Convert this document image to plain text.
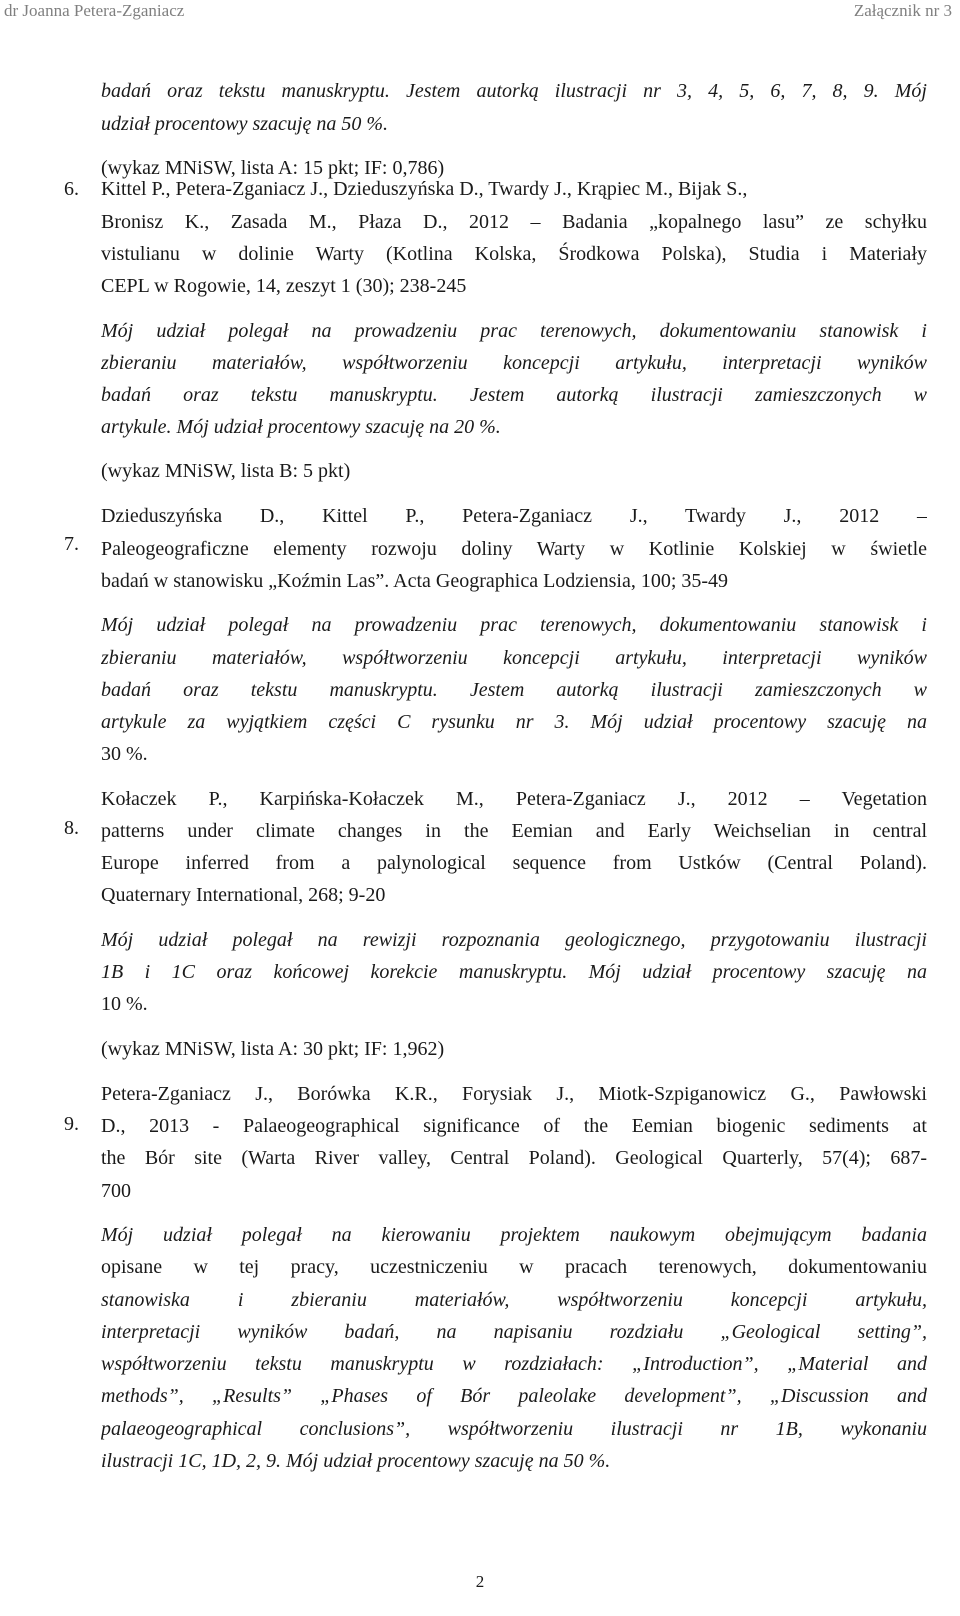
dr Joanna Petera-Zganiacz	Załącznik nr 3
6.
7.
8.
9.
badań oraz tekstu manuskryptu. Jestem autorką ilustracji nr 3, 4, 5, 6, 7, 8, 9. Mój
udział procentowy szacuję na 50 %.
(wykaz MNiSW, lista A: 15 pkt; IF: 0,786)
Kittel P., Petera-Zganiacz J., Dzieduszyńska D., Twardy J., Krąpiec M., Bijak S.,
Bronisz K., Zasada M., Płaza D., 2012 – Badania „kopalnego lasu” ze schyłku
vistulianu w dolinie Warty (Kotlina Kolska, Środkowa Polska), Studia i Materiały
CEPL w Rogowie, 14, zeszyt 1 (30); 238-245
Mój udział polegał na prowadzeniu prac terenowych, dokumentowaniu stanowisk i
zbieraniu materiałów, współtworzeniu koncepcji artykułu, interpretacji wyników
badań oraz tekstu manuskryptu. Jestem autorką ilustracji zamieszczonych w
artykule. Mój udział procentowy szacuję na 20 %.
(wykaz MNiSW, lista B: 5 pkt)
Dzieduszyńska D., Kittel P., Petera-Zganiacz J., Twardy J., 2012 –
Paleogeograficzne elementy rozwoju doliny Warty w Kotlinie Kolskiej w świetle
badań w stanowisku „Koźmin Las”. Acta Geographica Lodziensia, 100; 35-49
Mój udział polegał na prowadzeniu prac terenowych, dokumentowaniu stanowisk i
zbieraniu materiałów, współtworzeniu koncepcji artykułu, interpretacji wyników
badań oraz tekstu manuskryptu. Jestem autorką ilustracji zamieszczonych w
artykule za wyjątkiem części C rysunku nr 3. Mój udział procentowy szacuję na
30 %.
Kołaczek P., Karpińska-Kołaczek M., Petera-Zganiacz J., 2012 – Vegetation
patterns under climate changes in the Eemian and Early Weichselian in central
Europe inferred from a palynological sequence from Ustków (Central Poland).
Quaternary International, 268; 9-20
Mój udział polegał na rewizji rozpoznania geologicznego, przygotowaniu ilustracji
1B i 1C oraz końcowej korekcie manuskryptu. Mój udział procentowy szacuję na
10 %.
(wykaz MNiSW, lista A: 30 pkt; IF: 1,962)
Petera-Zganiacz J., Borówka K.R., Forysiak J., Miotk-Szpiganowicz G., Pawłowski
D., 2013 - Palaeogeographical significance of the Eemian biogenic sediments at
the Bór site (Warta River valley, Central Poland). Geological Quarterly, 57(4); 687-
700
Mój udział polegał na kierowaniu projektem naukowym obejmującym badania
opisane w tej pracy, uczestniczeniu w pracach terenowych, dokumentowaniu
stanowiska i zbieraniu materiałów, współtworzeniu koncepcji artykułu,
interpretacji wyników badań, na napisaniu rozdziału „Geological setting”,
współtworzeniu tekstu manuskryptu w rozdziałach: „Introduction”, „Material and
methods”, „Results” „Phases of Bór paleolake development”, „Discussion and
palaeogeographical conclusions”, współtworzeniu ilustracji nr 1B, wykonaniu
ilustracji 1C, 1D, 2, 9. Mój udział procentowy szacuję na 50 %.
2
